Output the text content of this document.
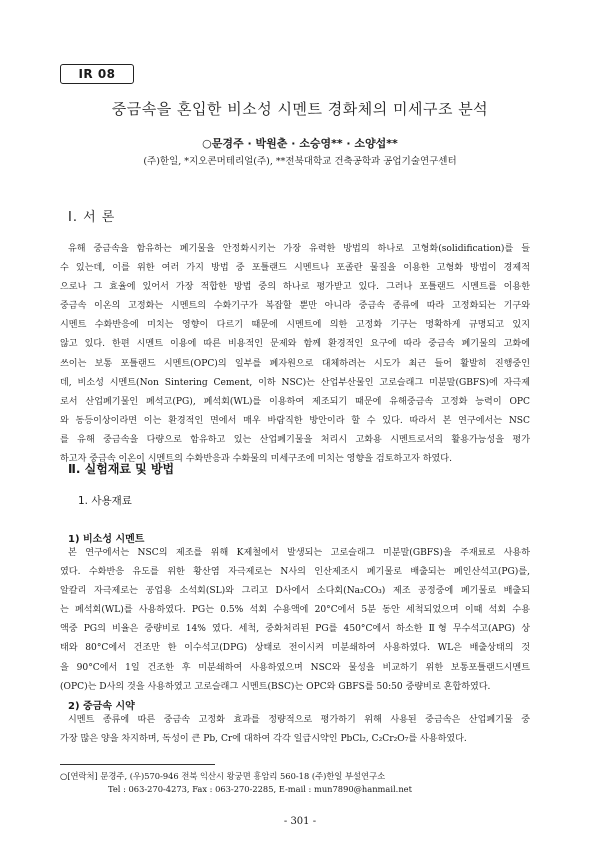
IR 08
중금속을 혼입한 비소성 시멘트 경화체의 미세구조 분석
○문경주 · 박원춘 · 소승영** · 소양섭**
(주)한일, *지오콘머테리얼(주), **전북대학교 건축공학과 공업기술연구센터
Ⅰ. 서 론
유해 중금속을 함유하는 폐기물을 안정화시키는 가장 유력한 방법의 하나로 고형화(solidification)를 들
수 있는데, 이를 위한 여러 가지 방법 중 포틀랜드 시멘트나 포졸란 물질을 이용한 고형화 방법이 경제적
으로나 그 효율에 있어서 가장 적합한 방법 중의 하나로 평가받고 있다. 그러나 포틀랜드 시멘트를 이용한
중금속 이온의 고정화는 시멘트의 수화기구가 복잡할 뿐만 아니라 중금속 종류에 따라 고정화되는 기구와
시멘트 수화반응에 미치는 영향이 다르기 때문에 시멘트에 의한 고정화 기구는 명확하게 규명되고 있지
않고 있다. 한편 시멘트 이용에 따른 비용적인 문제와 함께 환경적인 요구에 따라 중금속 폐기물의 고화에
쓰이는 보통 포틀랜드 시멘트(OPC)의 일부를 폐자원으로 대체하려는 시도가 최근 들어 활발히 진행중인
데, 비소성 시멘트(Non Sintering Cement, 이하 NSC)는 산업부산물인 고로슬래그 미분말(GBFS)에 자극제
로서 산업폐기물인 폐석고(PG), 폐석회(WL)를 이용하여 제조되기 때문에 유해중금속 고정화 능력이 OPC
와 동등이상이라면 이는 환경적인 면에서 매우 바람직한 방안이라 할 수 있다. 따라서 본 연구에서는 NSC
를 유해 중금속을 다량으로 함유하고 있는 산업폐기물을 처리시 고화용 시멘트로서의 활용가능성을 평가
하고자 중금속 이온이 시멘트의 수화반응과 수화물의 미세구조에 미치는 영향을 검토하고자 하였다.
Ⅱ. 실험재료 및 방법
1. 사용재료
1) 비소성 시멘트
본 연구에서는 NSC의 제조를 위해 K제철에서 발생되는 고로슬래그 미분말(GBFS)을 주재료로 사용하
였다. 수화반응 유도를 위한 황산염 자극제로는 N사의 인산제조시 폐기물로 배출되는 폐인산석고(PG)를,
알칼리 자극제로는 공업용 소석회(SL)와 그리고 D사에서 소다회(Na₂CO₃) 제조 공정중에 폐기물로 배출되
는 폐석회(WL)를 사용하였다. PG는 0.5% 석회 수용액에 20°C에서 5분 동안 세척되었으며 이때 석회 수용
액중 PG의 비율은 중량비로 14% 였다. 세척, 중화처리된 PG를 450°C에서 하소한 Ⅱ형 무수석고(APG) 상
태와 80°C에서 건조만 한 이수석고(DPG) 상태로 전이시켜 미분쇄하여 사용하였다. WL은 배출상태의 것
을 90°C에서 1일 건조한 후 미분쇄하여 사용하였으며 NSC와 물성을 비교하기 위한 보통포틀랜드시멘트
(OPC)는 D사의 것을 사용하였고 고로슬래그 시멘트(BSC)는 OPC와 GBFS를 50:50 중량비로 혼합하였다.
2) 중금속 시약
시멘트 종류에 따른 중금속 고정화 효과를 정량적으로 평가하기 위해 사용된 중금속은 산업폐기물 중
가장 많은 양을 차지하며, 독성이 큰 Pb, Cr에 대하여 각각 일급시약인 PbCl₂, C₂Cr₂O₇를 사용하였다.
○[연락처] 문경주, (우)570-946 전북 익산시 왕궁면 흥암리 560-18 (주)한일 부설연구소
Tel : 063-270-4273, Fax : 063-270-2285, E-mail : mun7890@hanmail.net
- 301 -
